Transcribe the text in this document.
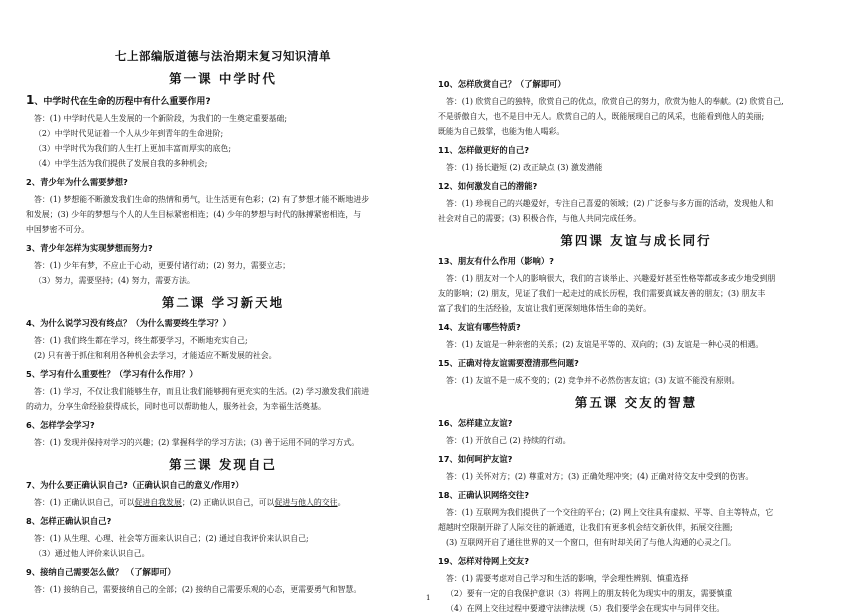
七上部编版道德与法治期末复习知识清单
第一课 中学时代
1、中学时代在生命的历程中有什么重要作用?

答：(1) 中学时代是人生发展的一个新阶段，为我们的一生奠定重要基础;

（2）中学时代见证着一个人从少年到青年的生命进阶;

（3）中学时代为我们的人生打上更加丰富而厚实的底色;

（4）中学生活为我们提供了发展自我的多种机会;

2、青少年为什么需要梦想?

答：(1) 梦想能不断激发我们生命的热情和勇气，让生活更有色彩；(2) 有了梦想才能不断地进步

和发展；(3) 少年的梦想与个人的人生目标紧密相连；(4) 少年的梦想与时代的脉搏紧密相连，与

中国梦密不可分。

3、青少年怎样为实现梦想而努力?

答：(1) 少年有梦，不应止于心动，更要付诸行动；(2) 努力，需要立志；

（3）努力，需要坚持；(4) 努力，需要方法。

第二课 学习新天地
4、为什么说学习没有终点？（为什么需要终生学习？）

答：(1) 我们终生都在学习，终生都要学习，不断地充实自己;

(2) 只有善于抓住和利用各种机会去学习，才能适应不断发展的社会。

5、学习有什么重要性？（学习有什么作用？）

答：(1) 学习，不仅让我们能够生存，而且让我们能够拥有更充实的生活。(2) 学习激发我们前进

的动力，分享生命经验获得成长，同时也可以帮助他人，服务社会，为幸福生活奠基。

6、怎样学会学习?

答：(1) 发现并保持对学习的兴趣；(2) 掌握科学的学习方法；(3) 善于运用不同的学习方式。

第三课 发现自己
7、为什么要正确认识自己?（正确认识自己的意义/作用?）

答：(1) 正确认识自己，可以促进自我发展；(2) 正确认识自己，可以促进与他人的交往。

8、怎样正确认识自己?

答：(1) 从生理、心理、社会等方面来认识自己；(2) 通过自我评价来认识自己;

（3）通过他人评价来认识自己。

9、接纳自己需要怎么做？ （了解即可）

答：(1) 接纳自己，需要接纳自己的全部；(2) 接纳自己需要乐观的心态，更需要勇气和智慧。

10、怎样欣赏自己？（了解即可）

答：(1) 欣赏自己的独特，欣赏自己的优点，欣赏自己的努力，欣赏为他人的奉献。(2) 欣赏自己,

不是骄傲自大，也不是目中无人。欣赏自己的人，既能展现自己的风采，也能看到他人的美丽;

既能为自己鼓掌，也能为他人喝彩。

11、怎样做更好的自己?

答：(1) 扬长避短 (2) 改正缺点 (3) 激发潜能

12、如何激发自己的潜能?

答：(1) 珍视自己的兴趣爱好，专注自己喜爱的领域；(2) 广泛参与多方面的活动，发现他人和

社会对自己的需要；(3) 积极合作，与他人共同完成任务。

第四课 友谊与成长同行
13、朋友有什么作用（影响）?

答：(1) 朋友对一个人的影响很大，我们的言谈举止、兴趣爱好甚至性格等都或多或少地受到朋

友的影响；(2) 朋友，见证了我们一起走过的成长历程，我们需要真诚友善的朋友；(3) 朋友丰

富了我们的生活经验，友谊让我们更深刻地体悟生命的美好。

14、友谊有哪些特质?

答：(1) 友谊是一种亲密的关系；(2) 友谊是平等的、双向的；(3) 友谊是一种心灵的相遇。

15、正确对待友谊需要澄清那些问题?

答：(1) 友谊不是一成不变的；(2) 竞争并不必然伤害友谊；(3) 友谊不能没有原则。

第五课 交友的智慧
16、怎样建立友谊?

答：(1) 开放自己 (2) 持续的行动。

17、如何呵护友谊?

答：(1) 关怀对方；(2) 尊重对方；(3) 正确处理冲突；(4) 正确对待交友中受到的伤害。

18、正确认识网络交往?

答：(1) 互联网为我们提供了一个交往的平台；(2) 网上交往具有虚拟、平等、自主等特点，它

超越时空限制开辟了人际交往的新通道，让我们有更多机会结交新伙伴，拓展交往圈;

(3) 互联网开启了通往世界的又一个窗口，但有时却关闭了与他人沟通的心灵之门。

19、怎样对待网上交友?

答：(1) 需要考虑对自己学习和生活的影响，学会理性辨别、慎重选择

（2）要有一定的自我保护意识（3）将网上的朋友转化为现实中的朋友，需要慎重

（4）在网上交往过程中要遵守法律法规（5）我们要学会在现实中与同伴交往。

1
